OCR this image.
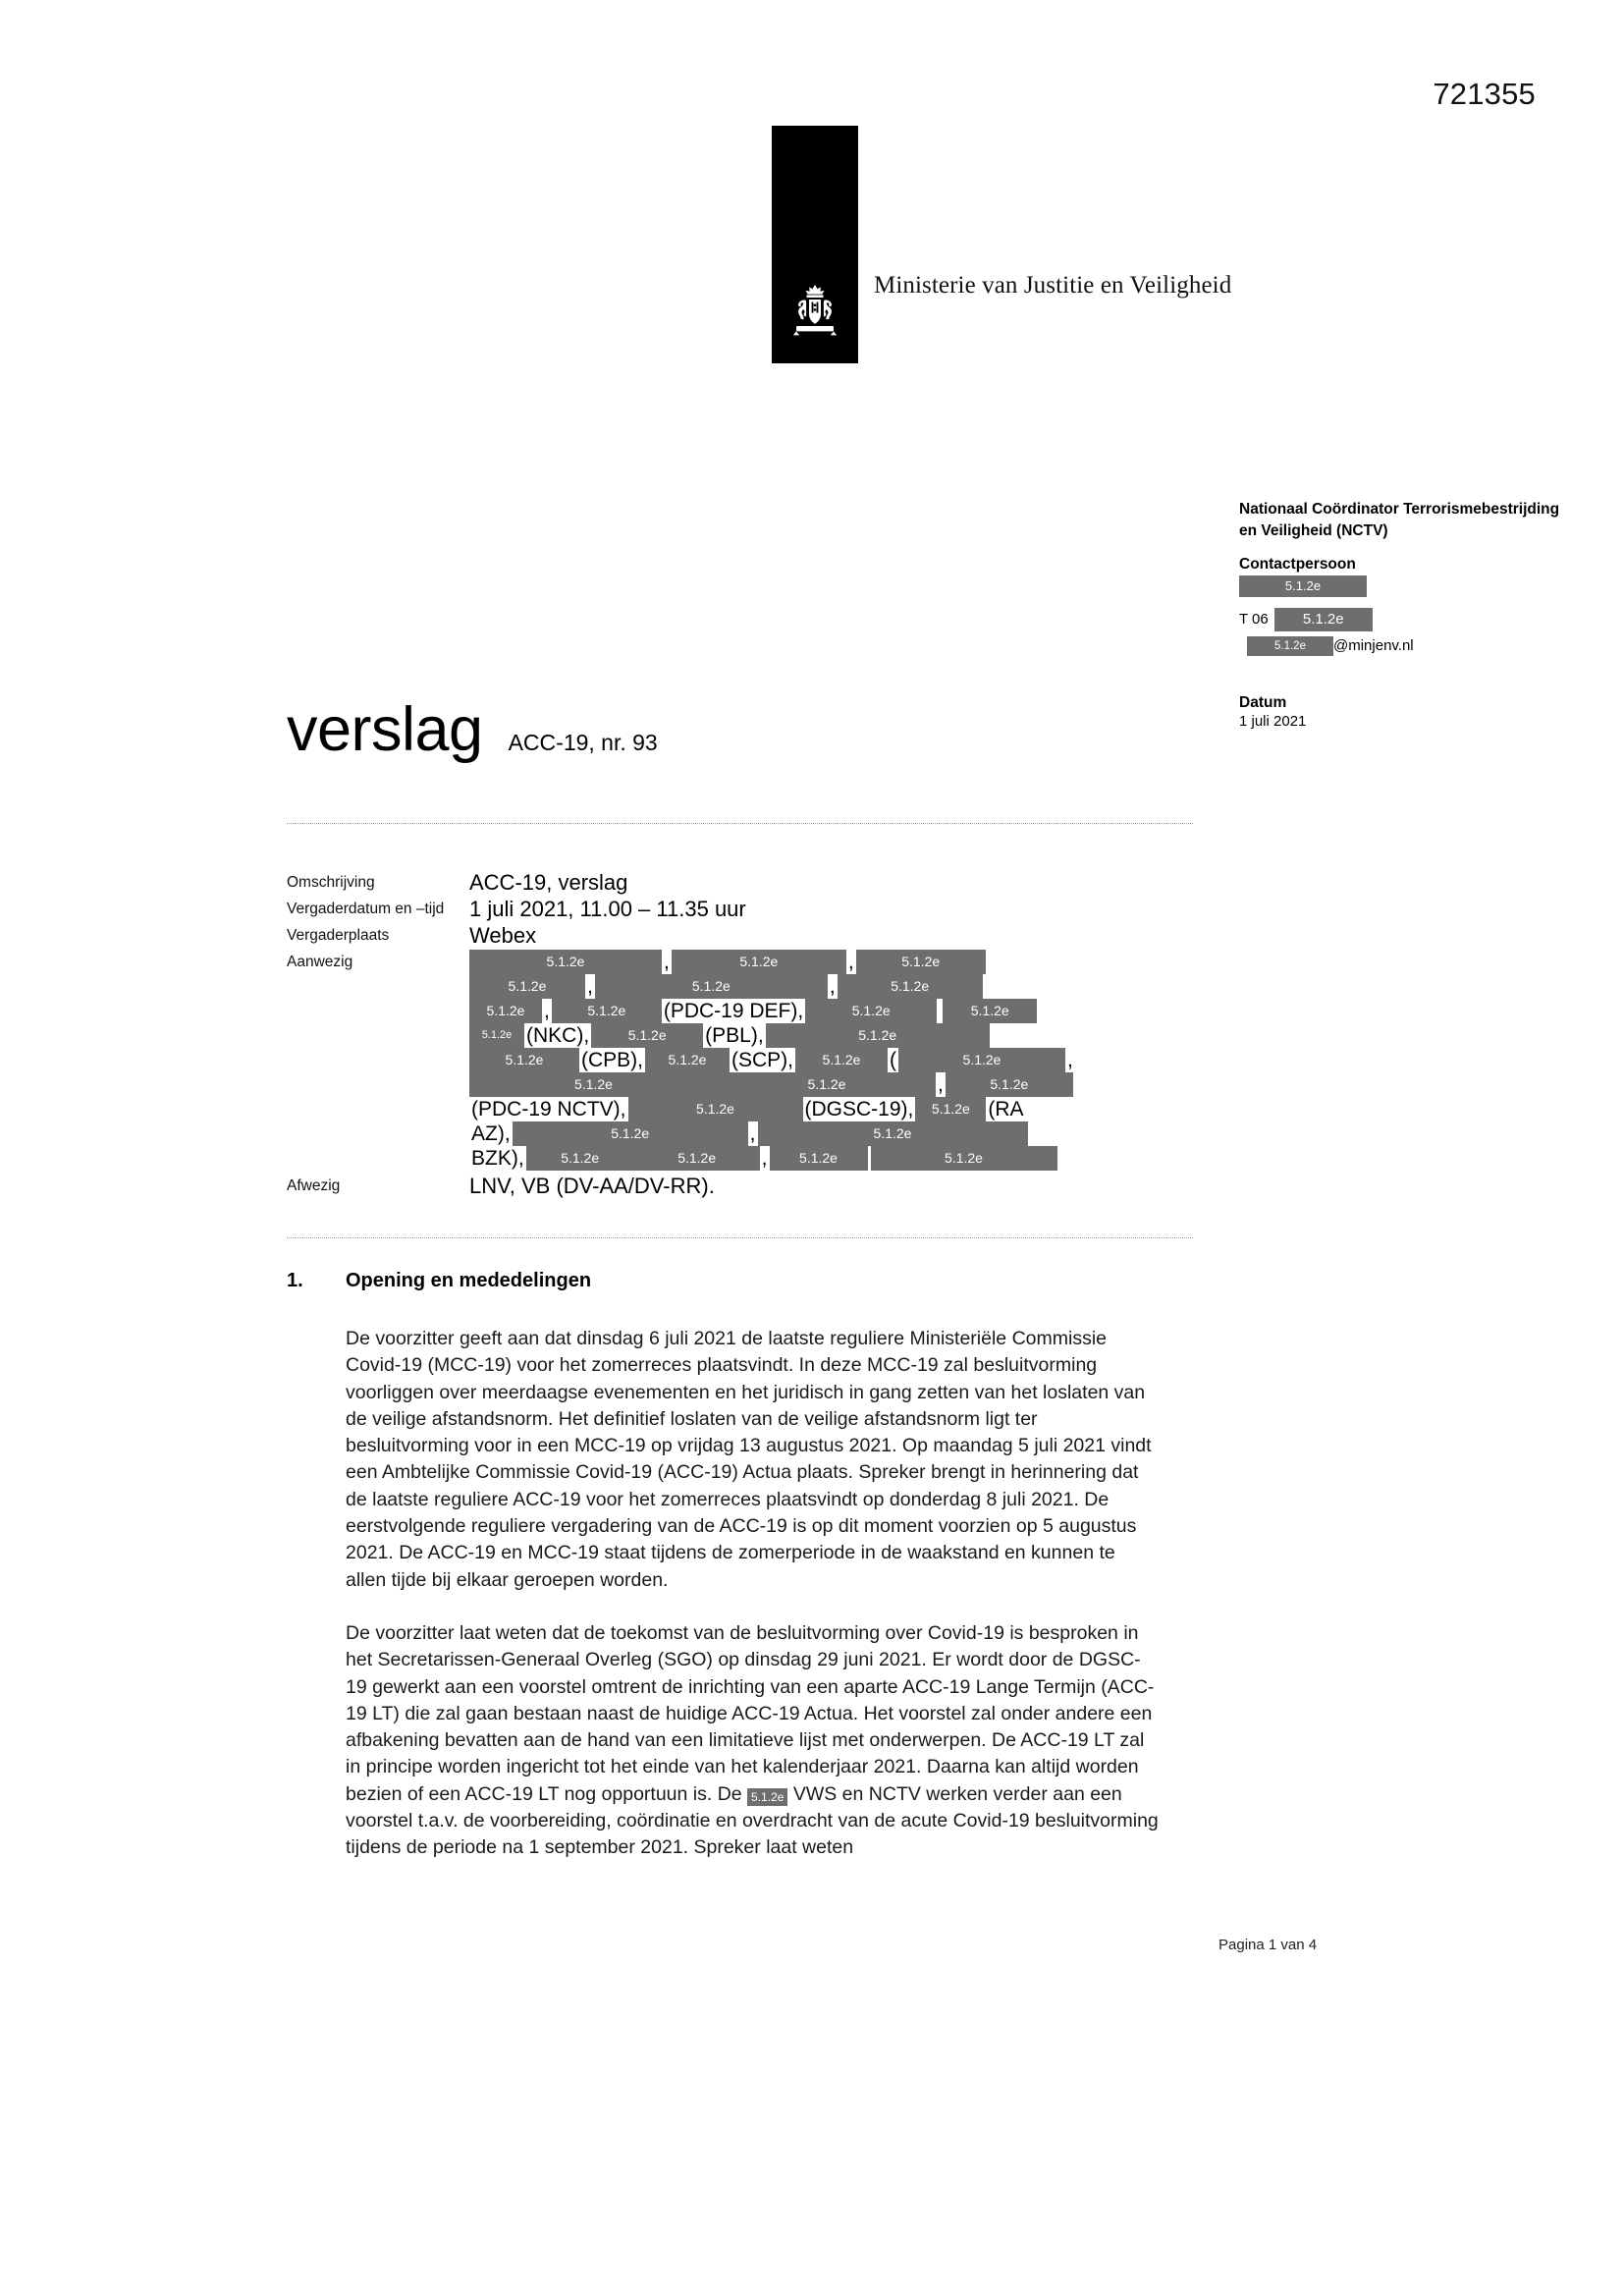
721355
Ministerie van Justitie en Veiligheid
Nationaal Coördinator Terrorismebestrijding en Veiligheid (NCTV)
Contactpersoon
5.1.2e
T 06 5.1.2e
5.1.2e @minjenv.nl
Datum
1 juli 2021
verslag ACC-19, nr. 93
Omschrijving	ACC-19, verslag
Vergaderdatum en –tijd	1 juli 2021, 11.00 – 11.35 uur
Vergaderplaats	Webex
Aanwezig	5.1.2e	,	5.1.2e	,	5.1.2e
5.1.2e	,	5.1.2e	,	5.1.2e
5.1.2e ,	5.1.2e	(PDC-19 DEF),	5.1.2e	5.1.2e
5.1.2e (NKC),	5.1.2e	(PBL),	5.1.2e
5.1.2e	(CPB),	5.1.2e	(SCP),	5.1.2e	(	5.1.2e	,
5.1.2e	5.1.2e	,	5.1.2e
(PDC-19 NCTV),	5.1.2e	(DGSC-19),	5.1.2e (RA
AZ),	5.1.2e	,	5.1.2e
BZK),	5.1.2e	5.1.2e	,	5.1.2e	5.1.2e
Afwezig	LNV, VB (DV-AA/DV-RR).
1.	Opening en mededelingen

De voorzitter geeft aan dat dinsdag 6 juli 2021 de laatste reguliere Ministeriële Commissie Covid-19 (MCC-19) voor het zomerreces plaatsvindt. In deze MCC-19 zal besluitvorming voorliggen over meerdaagse evenementen en het juridisch in gang zetten van het loslaten van de veilige afstandsnorm. Het definitief loslaten van de veilige afstandsnorm ligt ter besluitvorming voor in een MCC-19 op vrijdag 13 augustus 2021. Op maandag 5 juli 2021 vindt een Ambtelijke Commissie Covid-19 (ACC-19) Actua plaats. Spreker brengt in herinnering dat de laatste reguliere ACC-19 voor het zomerreces plaatsvindt op donderdag 8 juli 2021. De eerstvolgende reguliere vergadering van de ACC-19 is op dit moment voorzien op 5 augustus 2021. De ACC-19 en MCC-19 staat tijdens de zomerperiode in de waakstand en kunnen te allen tijde bij elkaar geroepen worden.

De voorzitter laat weten dat de toekomst van de besluitvorming over Covid-19 is besproken in het Secretarissen-Generaal Overleg (SGO) op dinsdag 29 juni 2021. Er wordt door de DGSC-19 gewerkt aan een voorstel omtrent de inrichting van een aparte ACC-19 Lange Termijn (ACC-19 LT) die zal gaan bestaan naast de huidige ACC-19 Actua. Het voorstel zal onder andere een afbakening bevatten aan de hand van een limitatieve lijst met onderwerpen. De ACC-19 LT zal in principe worden ingericht tot het einde van het kalenderjaar 2021. Daarna kan altijd worden bezien of een ACC-19 LT nog opportuun is. De 5.1.2e VWS en NCTV werken verder aan een voorstel t.a.v. de voorbereiding, coördinatie en overdracht van de acute Covid-19 besluitvorming tijdens de periode na 1 september 2021. Spreker laat weten

Pagina 1 van 4
